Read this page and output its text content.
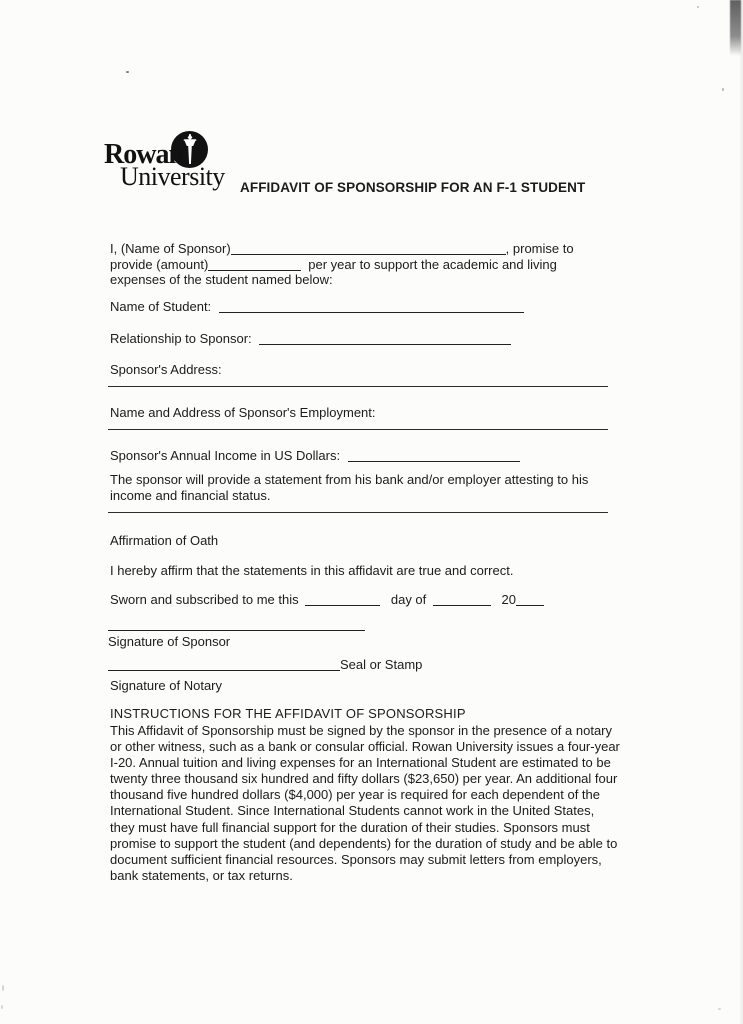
Rowan
University AFFIDAVIT OF SPONSORSHIP FOR AN F-1 STUDENT
I, (Name of Sponsor)	, promise to
provide (amount)	per year to support the academic and living
expenses of the student named below:
Name of Student:
Relationship to Sponsor:
Sponsor's Address:
Name and Address of Sponsor's Employment:
Sponsor's Annual Income in US Dollars:
The sponsor will provide a statement from his bank and/or employer attesting to his
income and financial status.
Affirmation of Oath
I hereby affirm that the statements in this affidavit are true and correct.
Sworn and subscribed to me this	day of	20
Signature of Sponsor
Seal or Stamp
Signature of Notary
INSTRUCTIONS FOR THE AFFIDAVIT OF SPONSORSHIP
This Affidavit of Sponsorship must be signed by the sponsor in the presence of a notary
or other witness, such as a bank or consular official. Rowan University issues a four-year
I-20. Annual tuition and living expenses for an International Student are estimated to be
twenty three thousand six hundred and fifty dollars ($23,650) per year. An additional four
thousand five hundred dollars ($4,000) per year is required for each dependent of the
International Student. Since International Students cannot work in the United States,
they must have full financial support for the duration of their studies. Sponsors must
promise to support the student (and dependents) for the duration of study and be able to
document sufficient financial resources. Sponsors may submit letters from employers,
bank statements, or tax returns.
